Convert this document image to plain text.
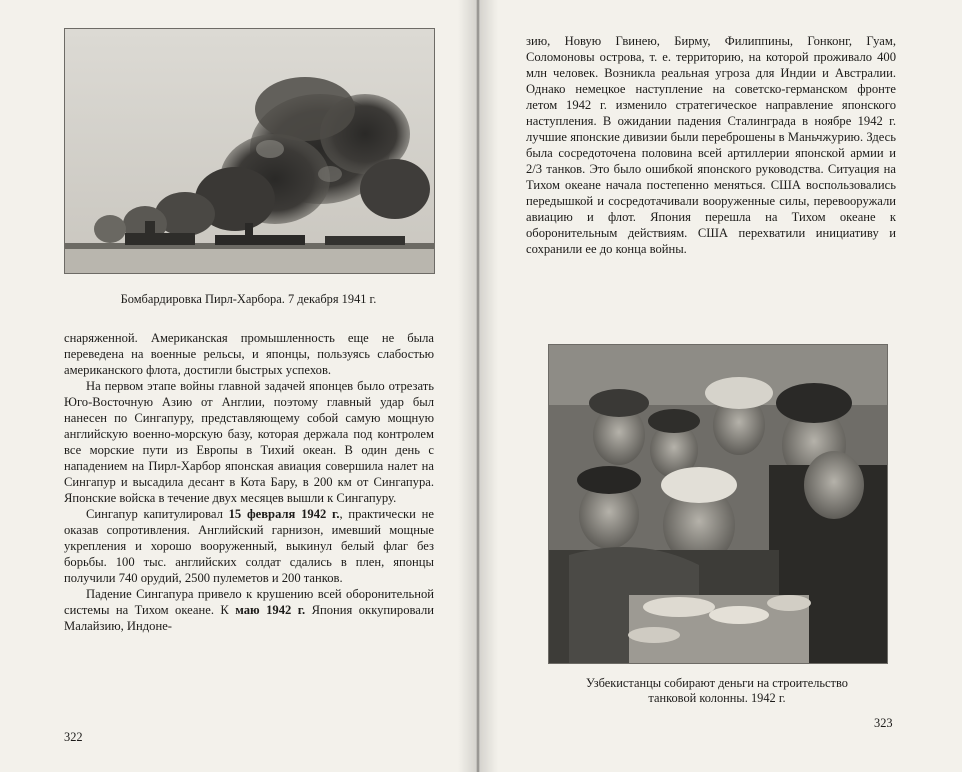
Бомбардировка Пирл-Харбора. 7 декабря 1941 г.

снаряженной. Американская промышленность еще не была переведена на военные рельсы, и японцы, пользуясь слабостью американского флота, достигли быстрых успехов.

На первом этапе войны главной задачей японцев было отрезать Юго-Восточную Азию от Англии, поэтому главный удар был нанесен по Сингапуру, представляющему собой самую мощную английскую военно-морскую базу, которая держала под контролем все морские пути из Европы в Тихий океан. В один день с нападением на Пирл-Харбор японская авиация совершила налет на Сингапур и высадила десант в Кота Бару, в 200 км от Сингапура. Японские войска в течение двух месяцев вышли к Сингапуру.

Сингапур капитулировал 15 февраля 1942 г., практически не оказав сопротивления. Английский гарнизон, имевший мощные укрепления и хорошо вооруженный, выкинул белый флаг без борьбы. 100 тыс. английских солдат сдались в плен, японцы получили 740 орудий, 2500 пулеметов и 200 танков.

Падение Сингапура привело к крушению всей оборонительной системы на Тихом океане. К маю 1942 г. Япония оккупировали Малайзию, Индоне-

322

зию, Новую Гвинею, Бирму, Филиппины, Гонконг, Гуам, Соломоновы острова, т. е. территорию, на которой проживало 400 млн человек. Возникла реальная угроза для Индии и Австралии. Однако немецкое наступление на советско-германском фронте летом 1942 г. изменило стратегическое направление японского наступления. В ожидании падения Сталинграда в ноябре 1942 г. лучшие японские дивизии были переброшены в Маньчжурию. Здесь была сосредоточена половина всей артиллерии японской армии и 2/3 танков. Это было ошибкой японского руководства. Ситуация на Тихом океане начала постепенно меняться. США воспользовались передышкой и сосредотачивали вооруженные силы, перевооружали авиацию и флот. Япония перешла на Тихом океане к оборонительным действиям. США перехватили инициативу и сохранили ее до конца войны.

Узбекистанцы собирают деньги на строительство
танковой колонны. 1942 г.
323
